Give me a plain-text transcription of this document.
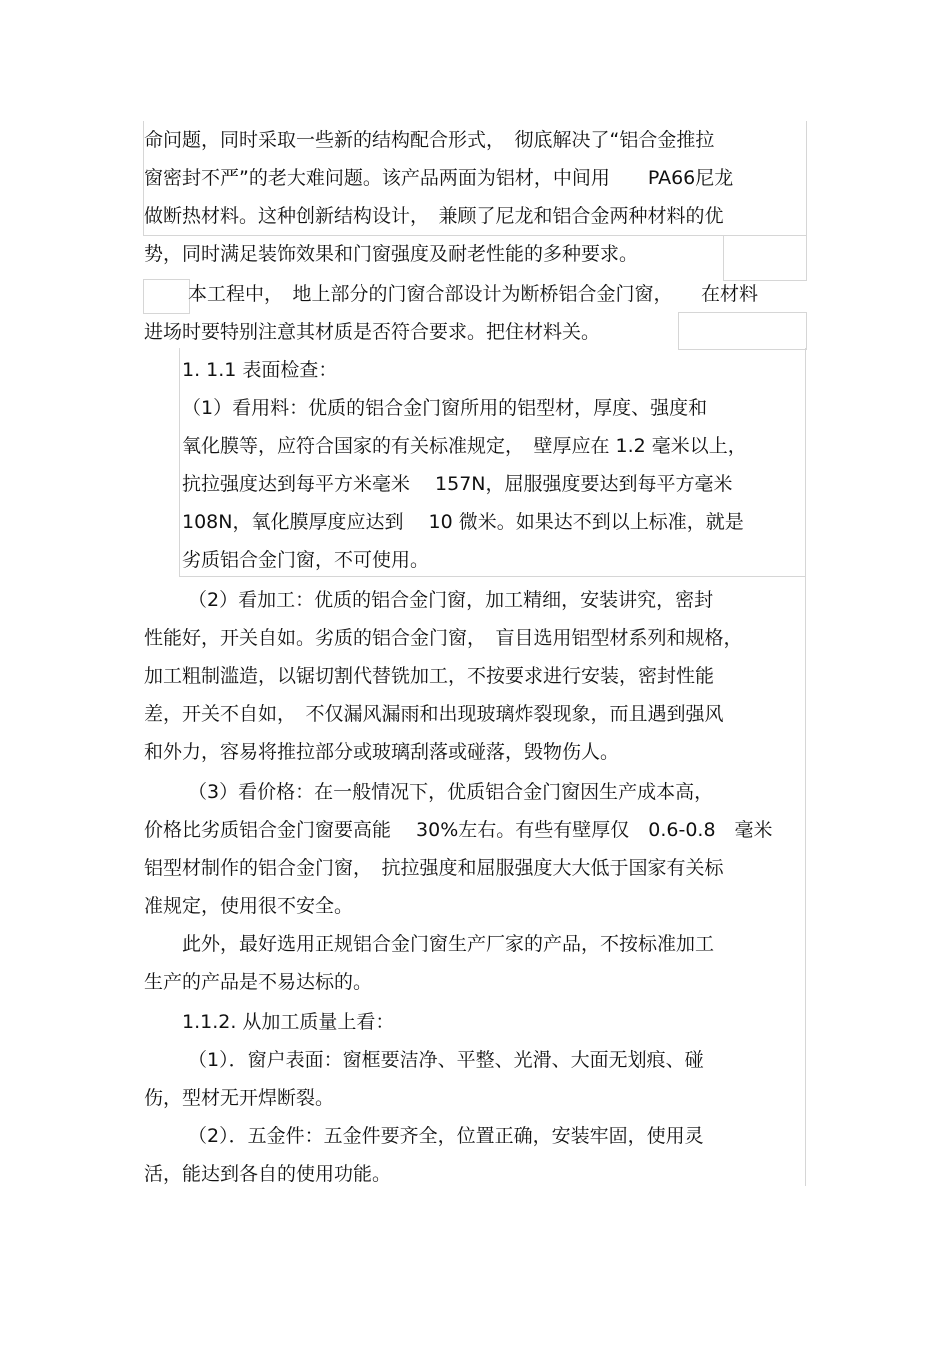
命问题，同时采取一些新的结构配合形式，　彻底解决了“铝合金推拉
窗密封不严”的老大难问题。该产品两面为铝材，中间用　　PA66尼龙
做断热材料。这种创新结构设计，　兼顾了尼龙和铝合金两种材料的优
势，同时满足装饰效果和门窗强度及耐老性能的多种要求。
本工程中，　地上部分的门窗合部设计为断桥铝合金门窗，　　在材料
进场时要特别注意其材质是否符合要求。把住材料关。
1. 1.1 表面检查：
（1）看用料：优质的铝合金门窗所用的铝型材，厚度、强度和
氧化膜等，应符合国家的有关标准规定，　壁厚应在 1.2 毫米以上，
抗拉强度达到每平方米毫米　 157N，屈服强度要达到每平方毫米
108N，氧化膜厚度应达到　 10 微米。如果达不到以上标准，就是
劣质铝合金门窗，不可使用。
（2）看加工：优质的铝合金门窗，加工精细，安装讲究，密封
性能好，开关自如。劣质的铝合金门窗，　盲目选用铝型材系列和规格，
加工粗制滥造，以锯切割代替铣加工，不按要求进行安装，密封性能
差，开关不自如，　不仅漏风漏雨和出现玻璃炸裂现象，而且遇到强风
和外力，容易将推拉部分或玻璃刮落或碰落，毁物伤人。
（3）看价格：在一般情况下，优质铝合金门窗因生产成本高，
价格比劣质铝合金门窗要高能　 30%左右。有些有壁厚仅　0.6-0.8　毫米
铝型材制作的铝合金门窗，　抗拉强度和屈服强度大大低于国家有关标
准规定，使用很不安全。
此外，最好选用正规铝合金门窗生产厂家的产品，不按标准加工
生产的产品是不易达标的。
1.1.2. 从加工质量上看：
（1）．窗户表面：窗框要洁净、平整、光滑、大面无划痕、碰
伤，型材无开焊断裂。
（2）．五金件：五金件要齐全，位置正确，安装牢固，使用灵
活，能达到各自的使用功能。
